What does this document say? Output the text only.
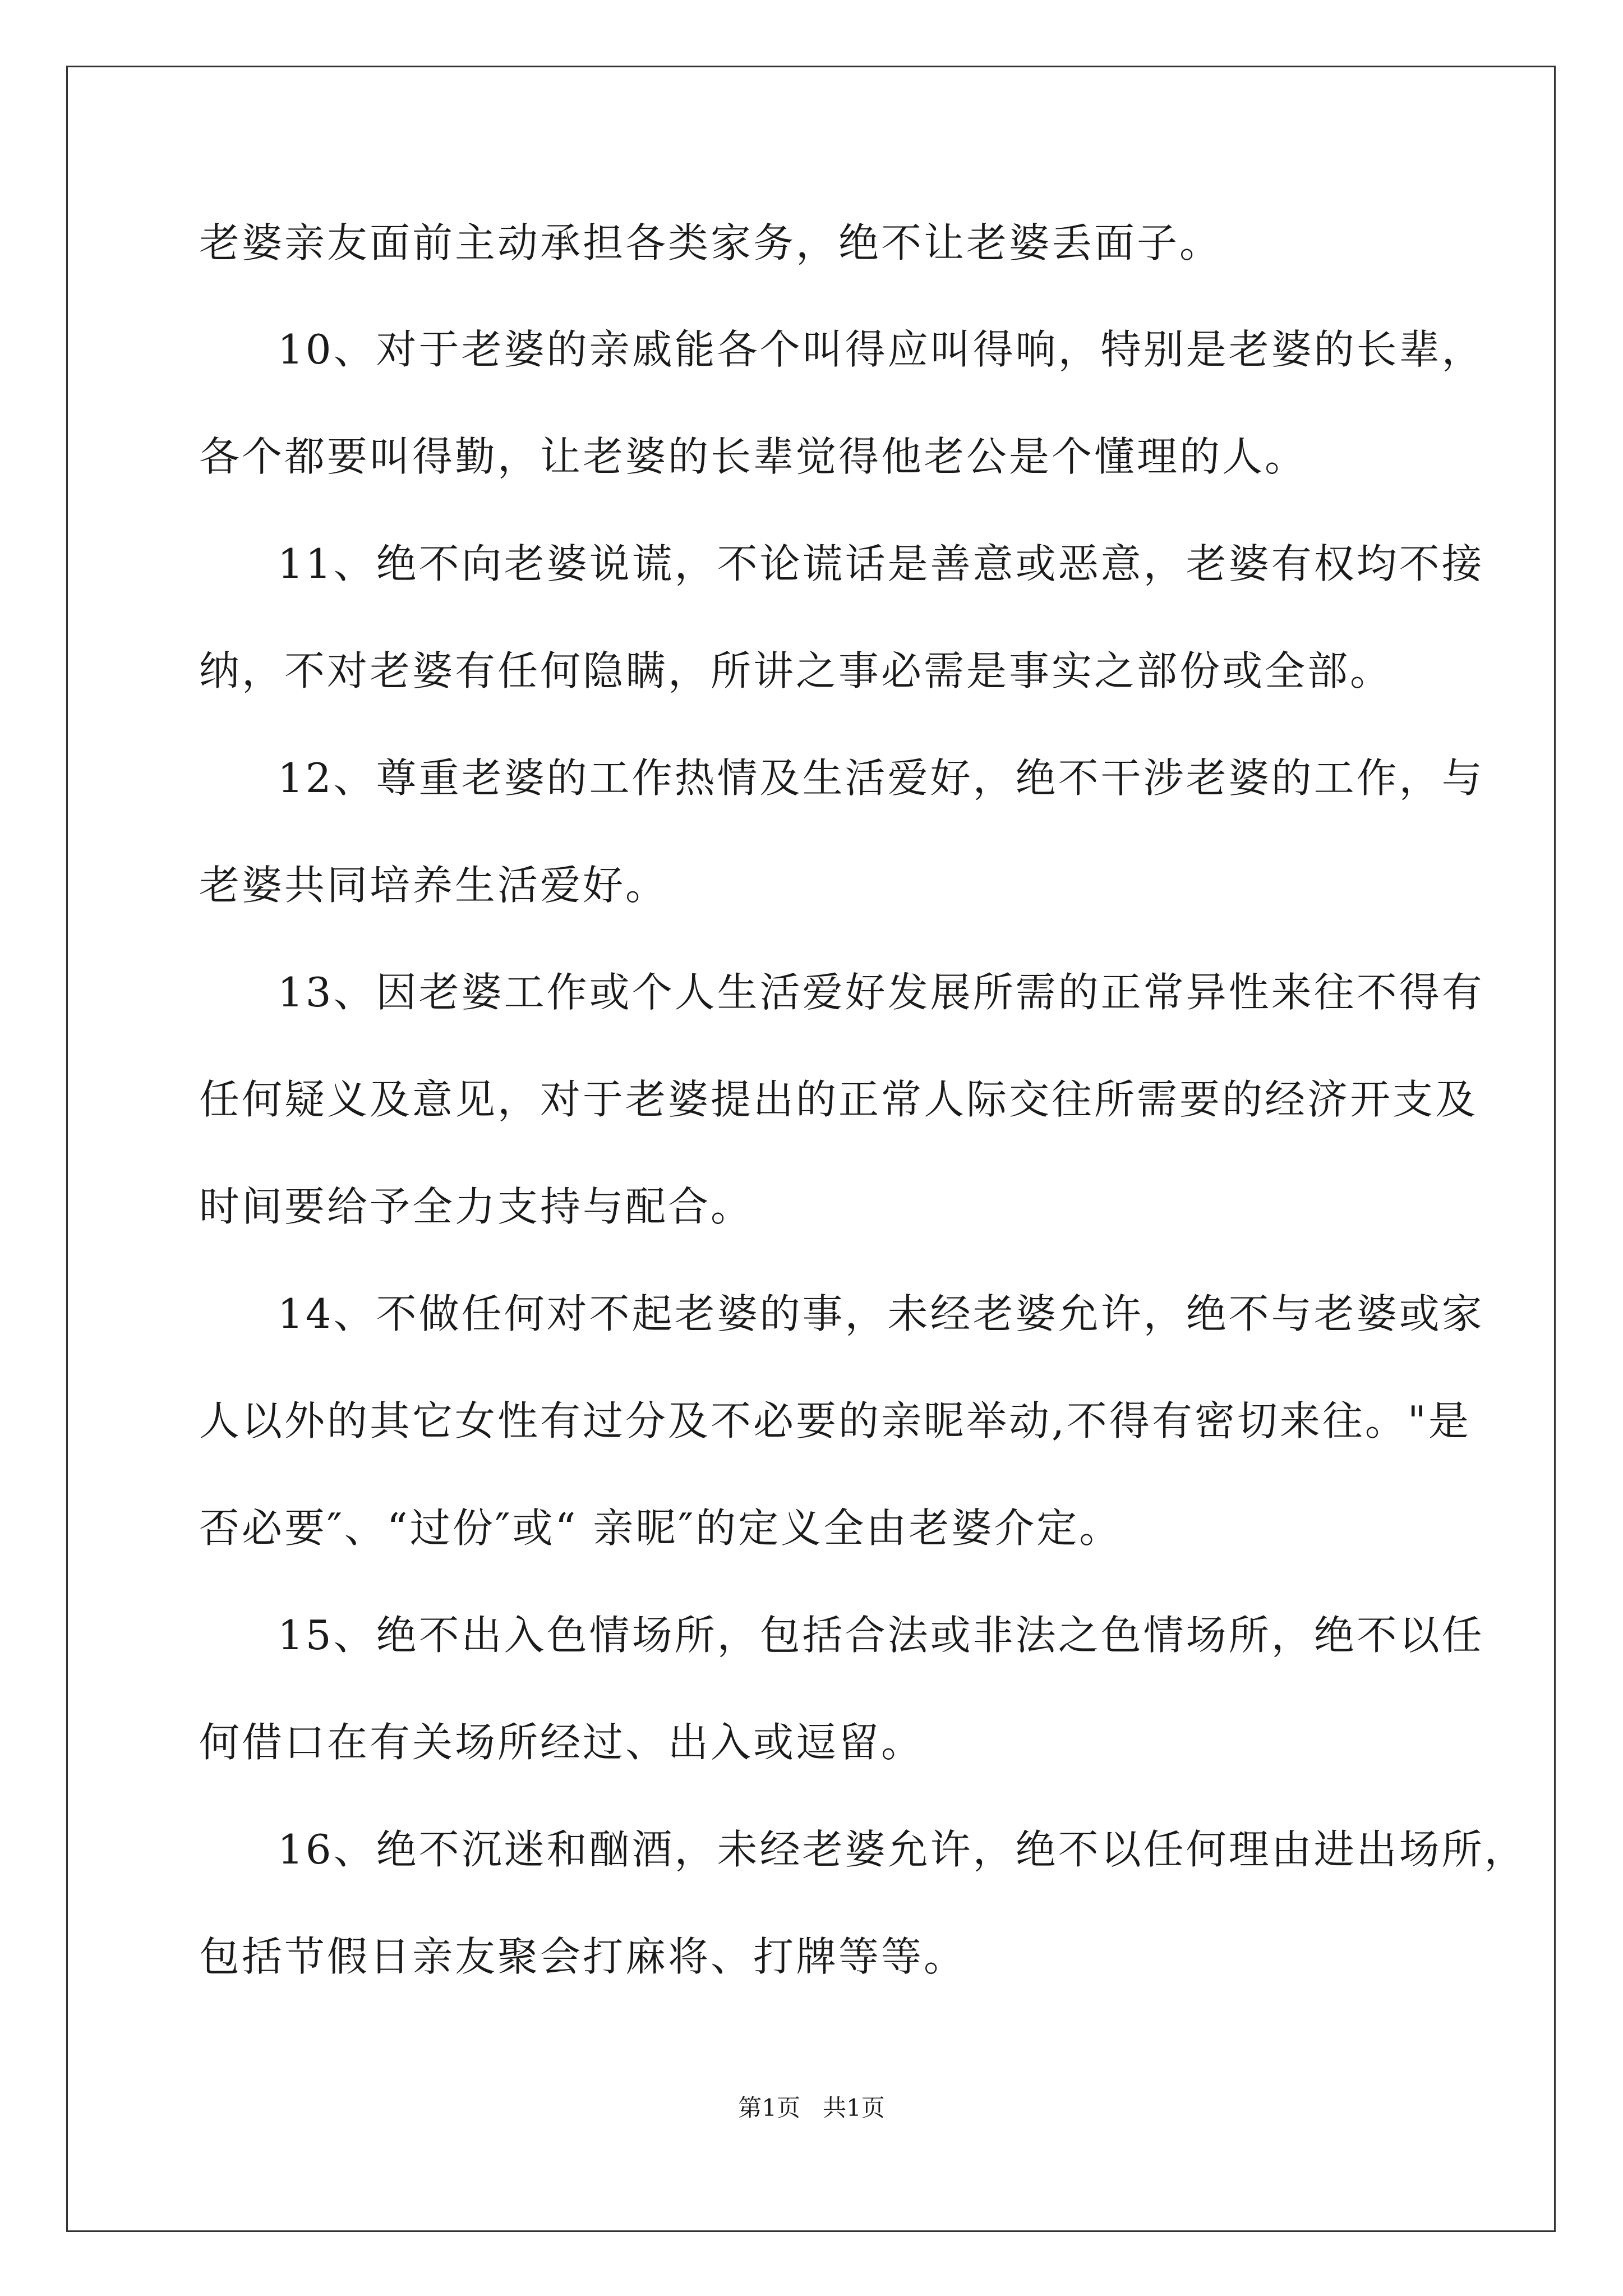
老婆亲友面前主动承担各类家务，绝不让老婆丢面子。
10、对于老婆的亲戚能各个叫得应叫得响，特别是老婆的长辈，
各个都要叫得勤，让老婆的长辈觉得他老公是个懂理的人。
11、绝不向老婆说谎，不论谎话是善意或恶意，老婆有权均不接
纳，不对老婆有任何隐瞒，所讲之事必需是事实之部份或全部。
12、尊重老婆的工作热情及生活爱好，绝不干涉老婆的工作，与
老婆共同培养生活爱好。
13、因老婆工作或个人生活爱好发展所需的正常异性来往不得有
任何疑义及意见，对于老婆提出的正常人际交往所需要的经济开支及
时间要给予全力支持与配合。
14、不做任何对不起老婆的事，未经老婆允许，绝不与老婆或家
人以外的其它女性有过分及不必要的亲昵举动,不得有密切来往。"是
否必要″、“过份″或“ 亲昵″的定义全由老婆介定。
15、绝不出入色情场所，包括合法或非法之色情场所，绝不以任
何借口在有关场所经过、出入或逗留。
16、绝不沉迷和酗酒，未经老婆允许，绝不以任何理由进出场所，
包括节假日亲友聚会打麻将、打牌等等。
第1页   共1页
